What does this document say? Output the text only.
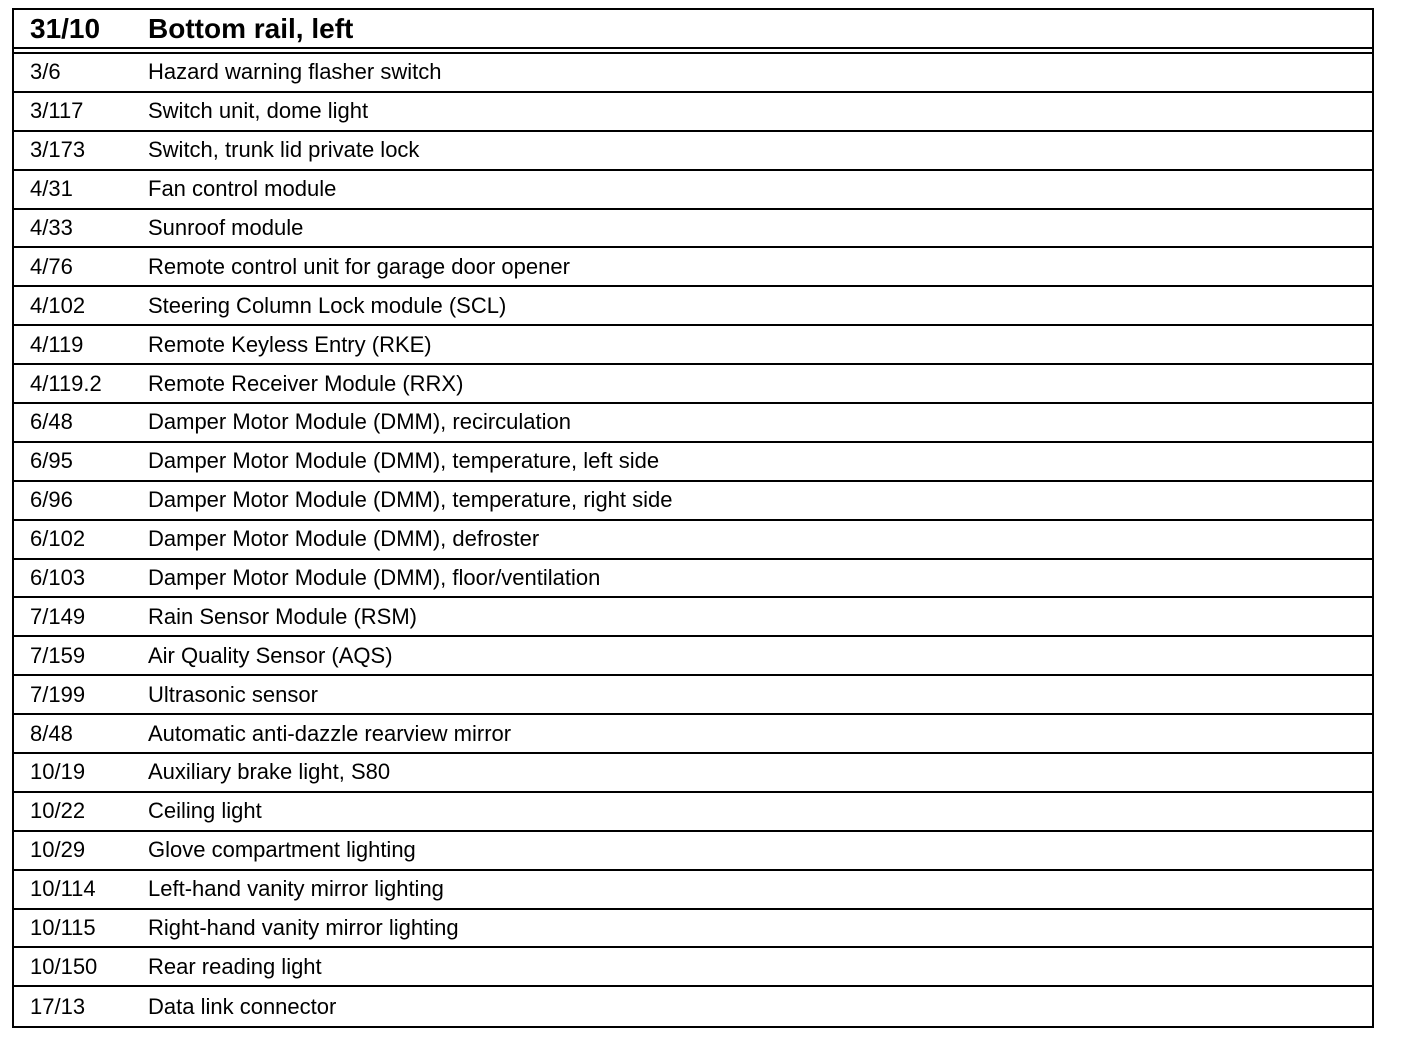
31/10	Bottom rail, left
3/6	Hazard warning flasher switch
3/117	Switch unit, dome light
3/173	Switch, trunk lid private lock
4/31	Fan control module
4/33	Sunroof module
4/76	Remote control unit for garage door opener
4/102	Steering Column Lock module (SCL)
4/119	Remote Keyless Entry (RKE)
4/119.2	Remote Receiver Module (RRX)
6/48	Damper Motor Module (DMM), recirculation
6/95	Damper Motor Module (DMM), temperature, left side
6/96	Damper Motor Module (DMM), temperature, right side
6/102	Damper Motor Module (DMM), defroster
6/103	Damper Motor Module (DMM), floor/ventilation
7/149	Rain Sensor Module (RSM)
7/159	Air Quality Sensor (AQS)
7/199	Ultrasonic sensor
8/48	Automatic anti-dazzle rearview mirror
10/19	Auxiliary brake light, S80
10/22	Ceiling light
10/29	Glove compartment lighting
10/114	Left-hand vanity mirror lighting
10/115	Right-hand vanity mirror lighting
10/150	Rear reading light
17/13	Data link connector
